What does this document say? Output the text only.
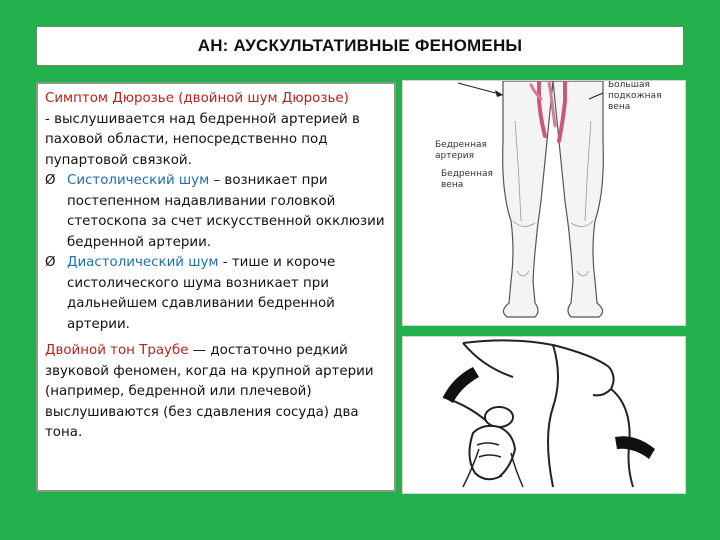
АН: АУСКУЛЬТАТИВНЫЕ ФЕНОМЕНЫ

Симптом Дюрозье (двойной шум Дюрозье)
- выслушивается над бедренной артерией в паховой области, непосредственно под пупартовой связкой.

Ø Систолический шум – возникает при постепенном надавливании головкой стетоскопа за счет искусственной окклюзии бедренной артерии.

Ø Диастолический шум - тише и короче систолического шума возникает при дальнейшем сдавливании бедренной артерии.

Двойной тон Траубе — достаточно редкий звуковой феномен, когда на крупной артерии (например, бедренной или плечевой) выслушиваются (без сдавления сосуда) два тона.

Большая
подкожная
вена
Бедренная
артерия
Бедренная
вена
